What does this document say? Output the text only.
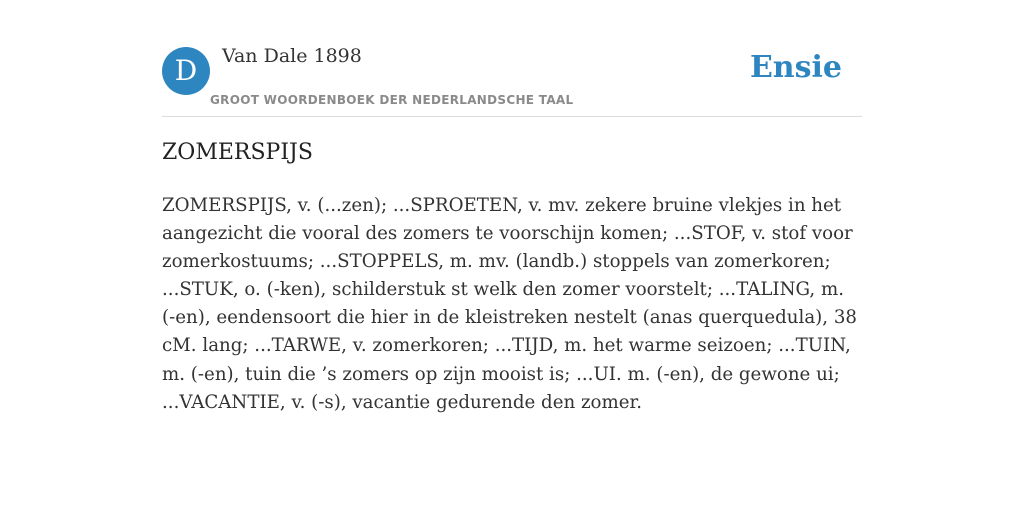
D	Van Dale 1898
GROOT WOORDENBOEK DER NEDERLANDSCHE TAAL
Ensie
ZOMERSPIJS

ZOMERSPIJS, v. (...zen); ...SPROETEN, v. mv. zekere bruine vlekjes in het aangezicht die vooral des zomers te voorschijn komen; ...STOF, v. stof voor zomerkostuums; ...STOPPELS, m. mv. (landb.) stoppels van zomerkoren; ...STUK, o. (-ken), schilderstuk st welk den zomer voorstelt; ...TALING, m. (-en), eendensoort die hier in de kleistreken nestelt (anas querquedula), 38 cM. lang; ...TARWE, v. zomerkoren; ...TIJD, m. het warme seizoen; ...TUIN, m. (-en), tuin die ’s zomers op zijn mooist is; ...UI. m. (-en), de gewone ui; ...VACANTIE, v. (-s), vacantie gedurende den zomer.
